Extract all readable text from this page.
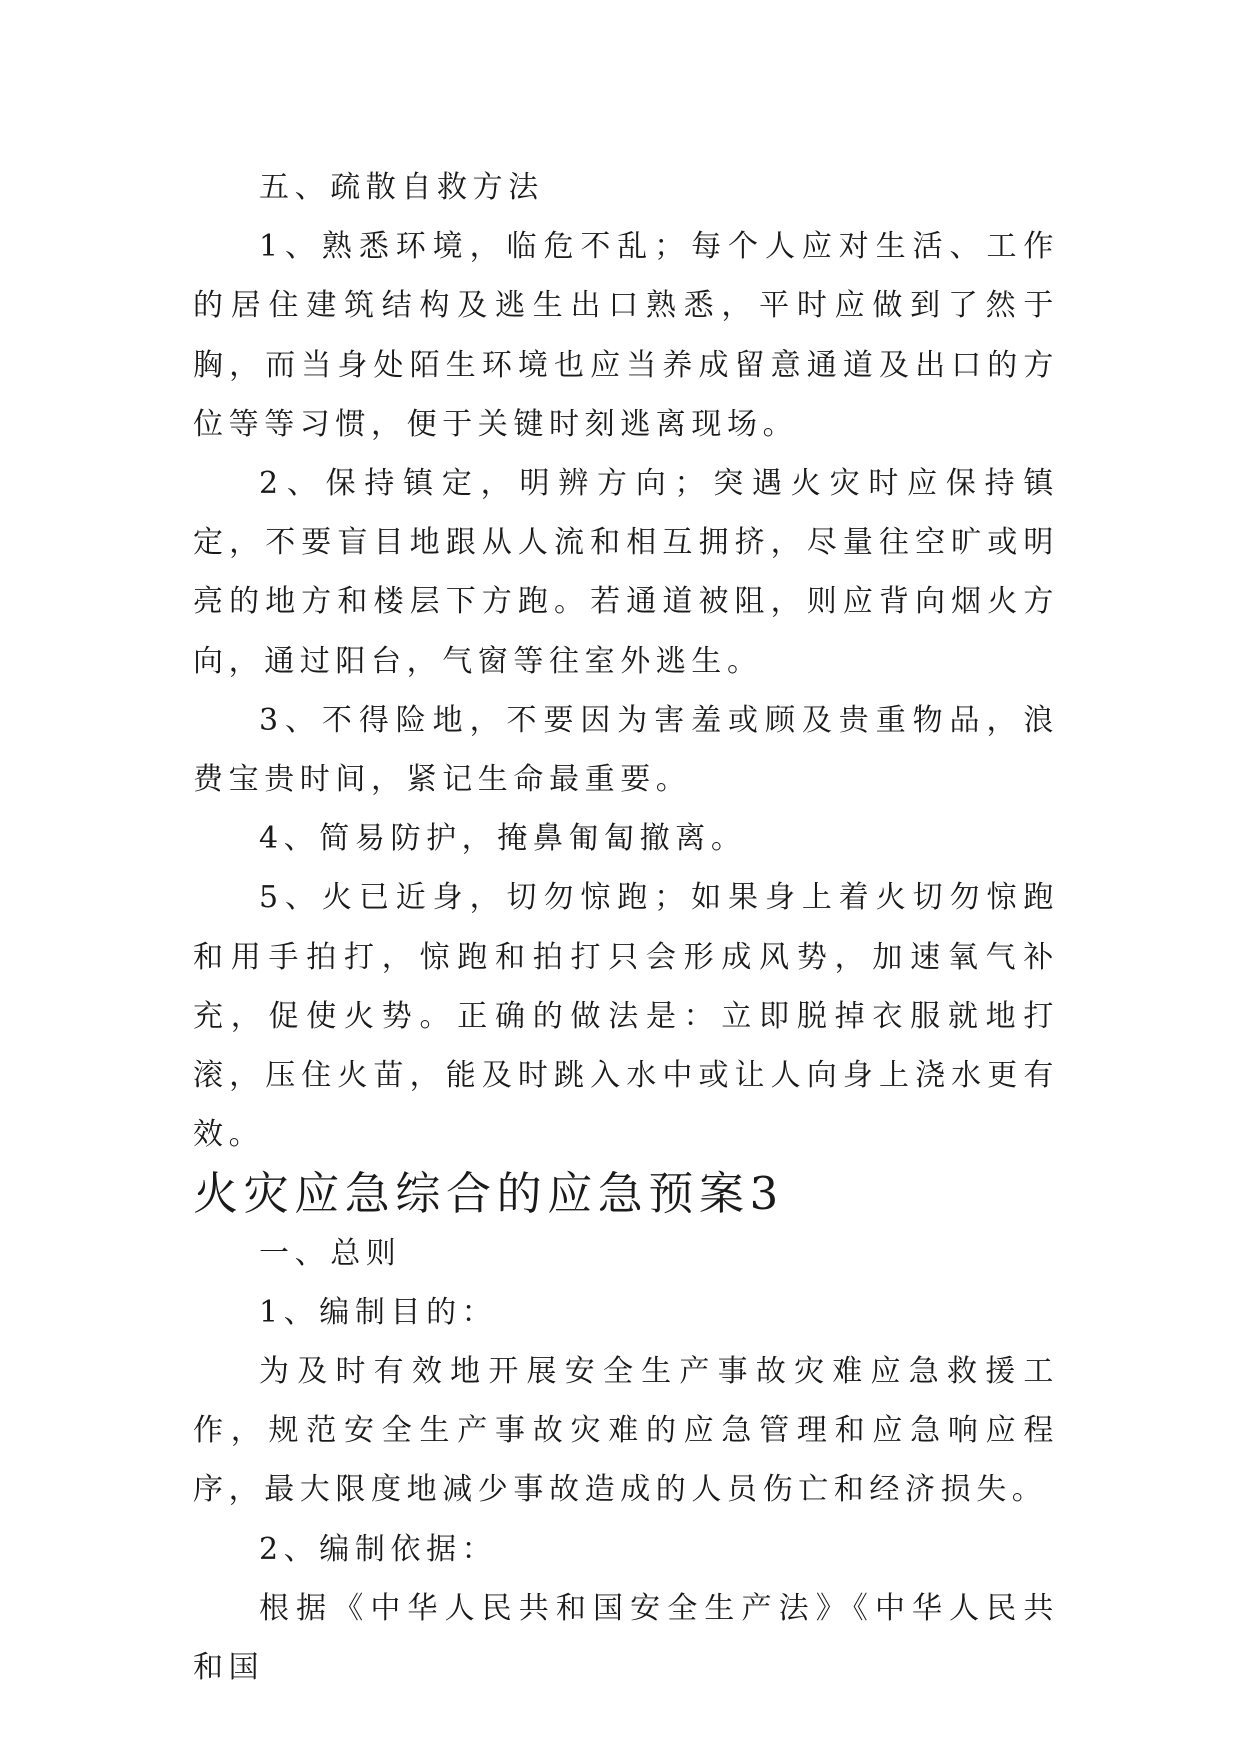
五、疏散自救方法

1、熟悉环境，临危不乱；每个人应对生活、工作的居住建筑结构及逃生出口熟悉，平时应做到了然于胸，而当身处陌生环境也应当养成留意通道及出口的方位等等习惯，便于关键时刻逃离现场。

2、保持镇定，明辨方向；突遇火灾时应保持镇定，不要盲目地跟从人流和相互拥挤，尽量往空旷或明亮的地方和楼层下方跑。若通道被阻，则应背向烟火方向，通过阳台，气窗等往室外逃生。

3、不得险地，不要因为害羞或顾及贵重物品，浪费宝贵时间，紧记生命最重要。

4、简易防护，掩鼻匍匐撤离。

5、火已近身，切勿惊跑；如果身上着火切勿惊跑和用手拍打，惊跑和拍打只会形成风势，加速氧气补充，促使火势。正确的做法是：立即脱掉衣服就地打滚，压住火苗，能及时跳入水中或让人向身上浇水更有效。

火灾应急综合的应急预案3

一、总则

1、编制目的：

为及时有效地开展安全生产事故灾难应急救援工作，规范安全生产事故灾难的应急管理和应急响应程序，最大限度地减少事故造成的人员伤亡和经济损失。

2、编制依据：

根据《中华人民共和国安全生产法》《中华人民共和国
